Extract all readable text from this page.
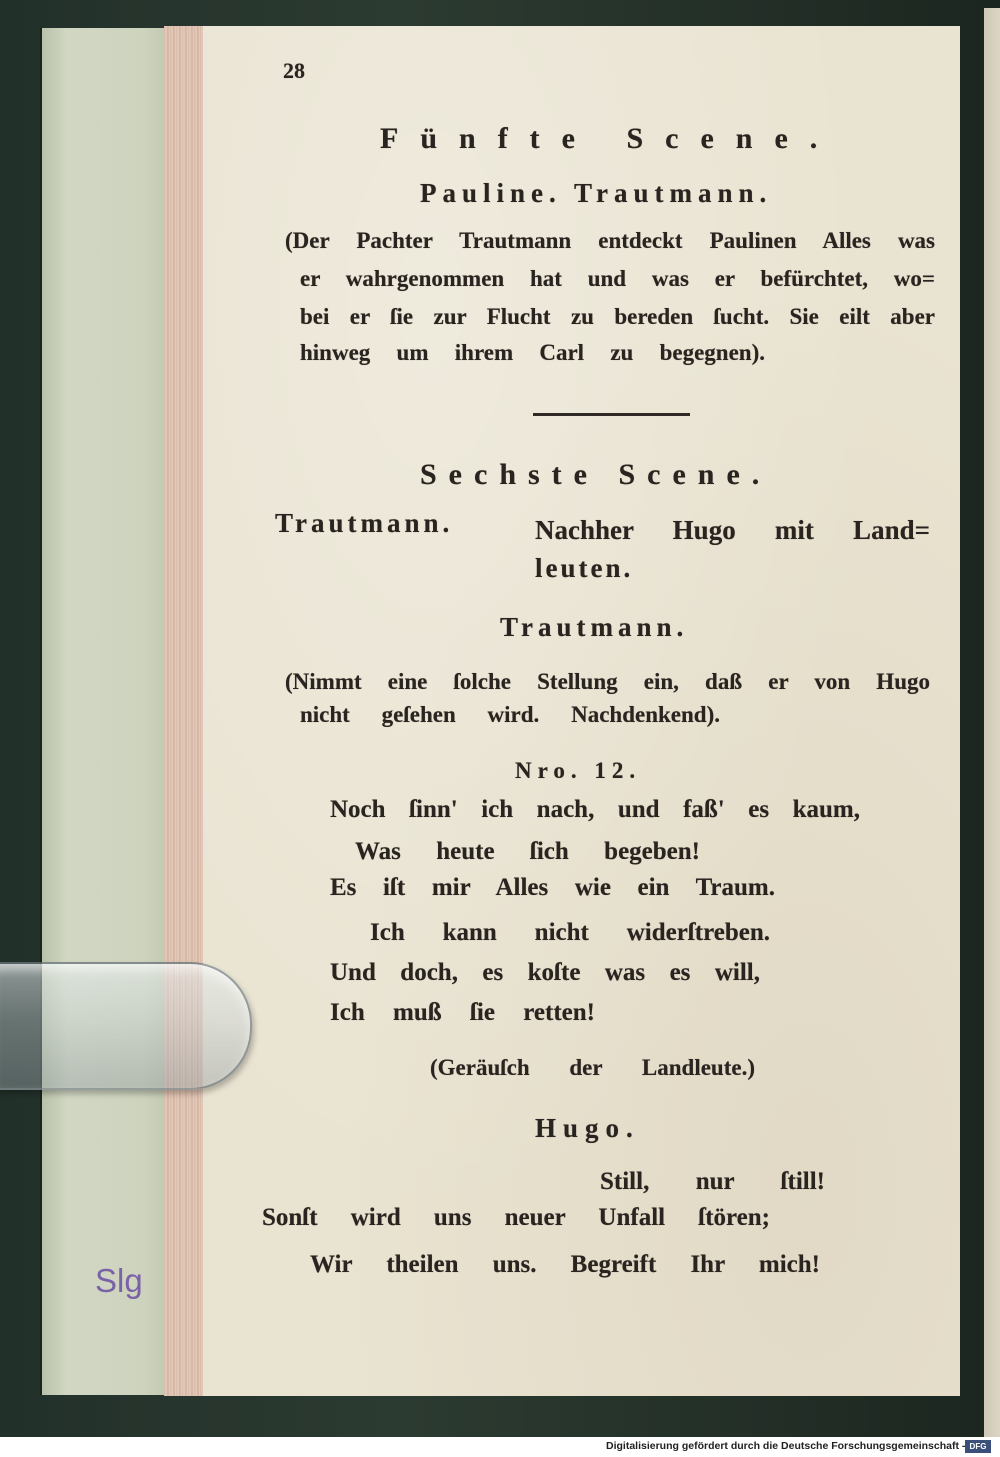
28
Fünfte Scene.
Pauline. Trautmann.
(Der Pachter Trautmann entdeckt Paulinen Alles was
er wahrgenommen hat und was er befürchtet, wo=
bei er ſie zur Flucht zu bereden ſucht. Sie eilt aber
hinweg um ihrem Carl zu begegnen).
Sechste Scene.
Trautmann.	Nachher Hugo mit Land=
leuten.
Trautmann.
(Nimmt eine ſolche Stellung ein, daß er von Hugo
nicht geſehen wird. Nachdenkend).
Nro. 12.
Noch ſinn' ich nach, und faß' es kaum,
Was heute ſich begeben!
Es iſt mir Alles wie ein Traum.
Ich kann nicht widerſtreben.
Und doch, es koſte was es will,
Ich muß ſie retten!
(Geräuſch der Landleute.)
Hugo.
Still, nur ſtill!
Sonſt wird uns neuer Unfall ſtören;
Wir theilen uns. Begreift Ihr mich!
Slg
Digitalisierung gefördert durch die Deutsche Forschungsgemeinschaft - DFG
